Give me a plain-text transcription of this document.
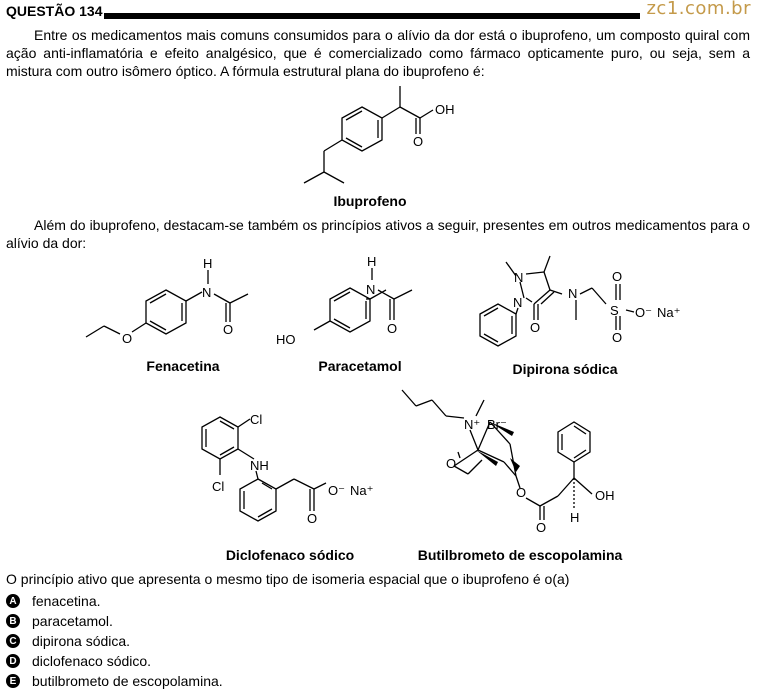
QUESTÃO 134	zc1.com.br
Entre os medicamentos mais comuns consumidos para o alívio da dor está o ibuprofeno, um composto quiral com ação anti-inflamatória e efeito analgésico, que é comercializado como fármaco opticamente puro, ou seja, sem a mistura com outro isômero óptico. A fórmula estrutural plana do ibuprofeno é:
OH
O
Ibuprofeno
Além do ibuprofeno, destacam-se também os princípios ativos a seguir, presentes em outros medicamentos para o alívio da dor:
H
N
O
O
Fenacetina
H
N
HO
O
Paracetamol
N
N
O
N
S
O
O
O⁻ Na⁺
Dipirona sódica
Cl
Cl
NH
O⁻ Na⁺
O
Diclofenaco sódico
N⁺ Br⁻
O
O
O
OH
H
Butilbrometo de escopolamina
O princípio ativo que apresenta o mesmo tipo de isomeria espacial que o ibuprofeno é o(a)
A fenacetina.
B paracetamol.
C dipirona sódica.
D diclofenaco sódico.
E butilbrometo de escopolamina.
